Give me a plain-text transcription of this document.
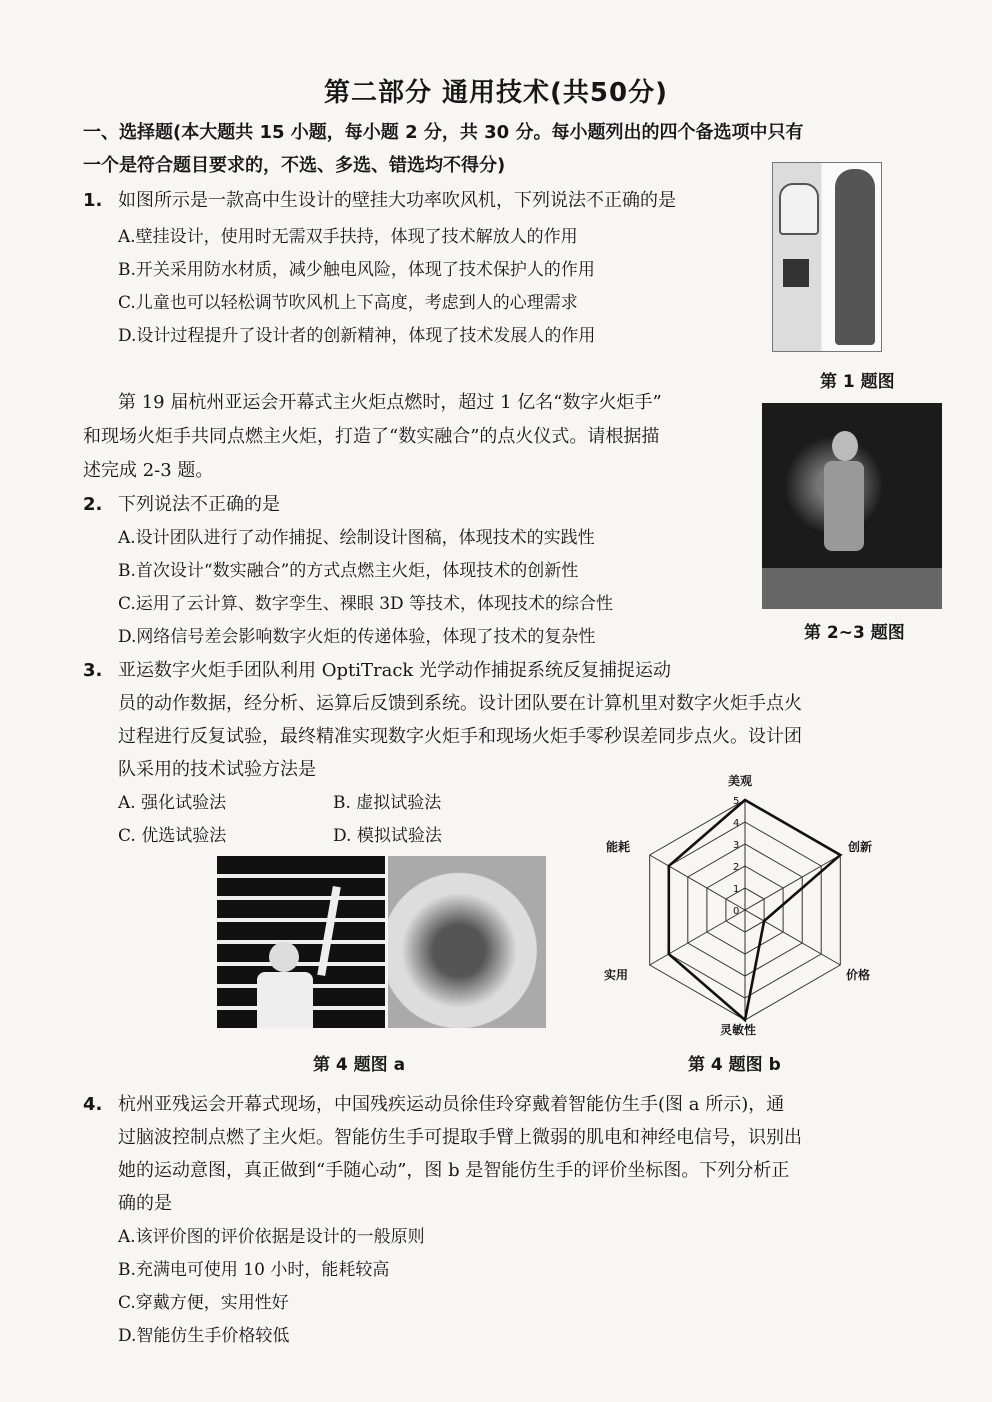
第二部分 通用技术(共50分)
一、选择题(本大题共 15 小题，每小题 2 分，共 30 分。每小题列出的四个备选项中只有
一个是符合题目要求的，不选、多选、错选均不得分)
1. 如图所示是一款高中生设计的壁挂大功率吹风机，下列说法不正确的是
A.壁挂设计，使用时无需双手扶持，体现了技术解放人的作用
B.开关采用防水材质，减少触电风险，体现了技术保护人的作用
C.儿童也可以轻松调节吹风机上下高度，考虑到人的心理需求
D.设计过程提升了设计者的创新精神，体现了技术发展人的作用
第 1 题图
第 19 届杭州亚运会开幕式主火炬点燃时，超过 1 亿名“数字火炬手”
和现场火炬手共同点燃主火炬，打造了“数实融合”的点火仪式。请根据描
述完成 2-3 题。
第 2~3 题图
2. 下列说法不正确的是
A.设计团队进行了动作捕捉、绘制设计图稿，体现技术的实践性
B.首次设计“数实融合”的方式点燃主火炬，体现技术的创新性
C.运用了云计算、数字孪生、裸眼 3D 等技术，体现技术的综合性
D.网络信号差会影响数字火炬的传递体验，体现了技术的复杂性
3. 亚运数字火炬手团队利用 OptiTrack 光学动作捕捉系统反复捕捉运动
员的动作数据，经分析、运算后反馈到系统。设计团队要在计算机里对数字火炬手点火
过程进行反复试验，最终精准实现数字火炬手和现场火炬手零秒误差同步点火。设计团
队采用的技术试验方法是
A. 强化试验法	B. 虚拟试验法
C. 优选试验法	D. 模拟试验法
第 4 题图 a
0
1
2
3
4
5
美观
创新
价格
灵敏性
实用
能耗
第 4 题图 b
4. 杭州亚残运会开幕式现场，中国残疾运动员徐佳玲穿戴着智能仿生手(图 a 所示)，通
过脑波控制点燃了主火炬。智能仿生手可提取手臂上微弱的肌电和神经电信号，识别出
她的运动意图，真正做到“手随心动”，图 b 是智能仿生手的评价坐标图。下列分析正
确的是
A.该评价图的评价依据是设计的一般原则
B.充满电可使用 10 小时，能耗较高
C.穿戴方便，实用性好
D.智能仿生手价格较低
